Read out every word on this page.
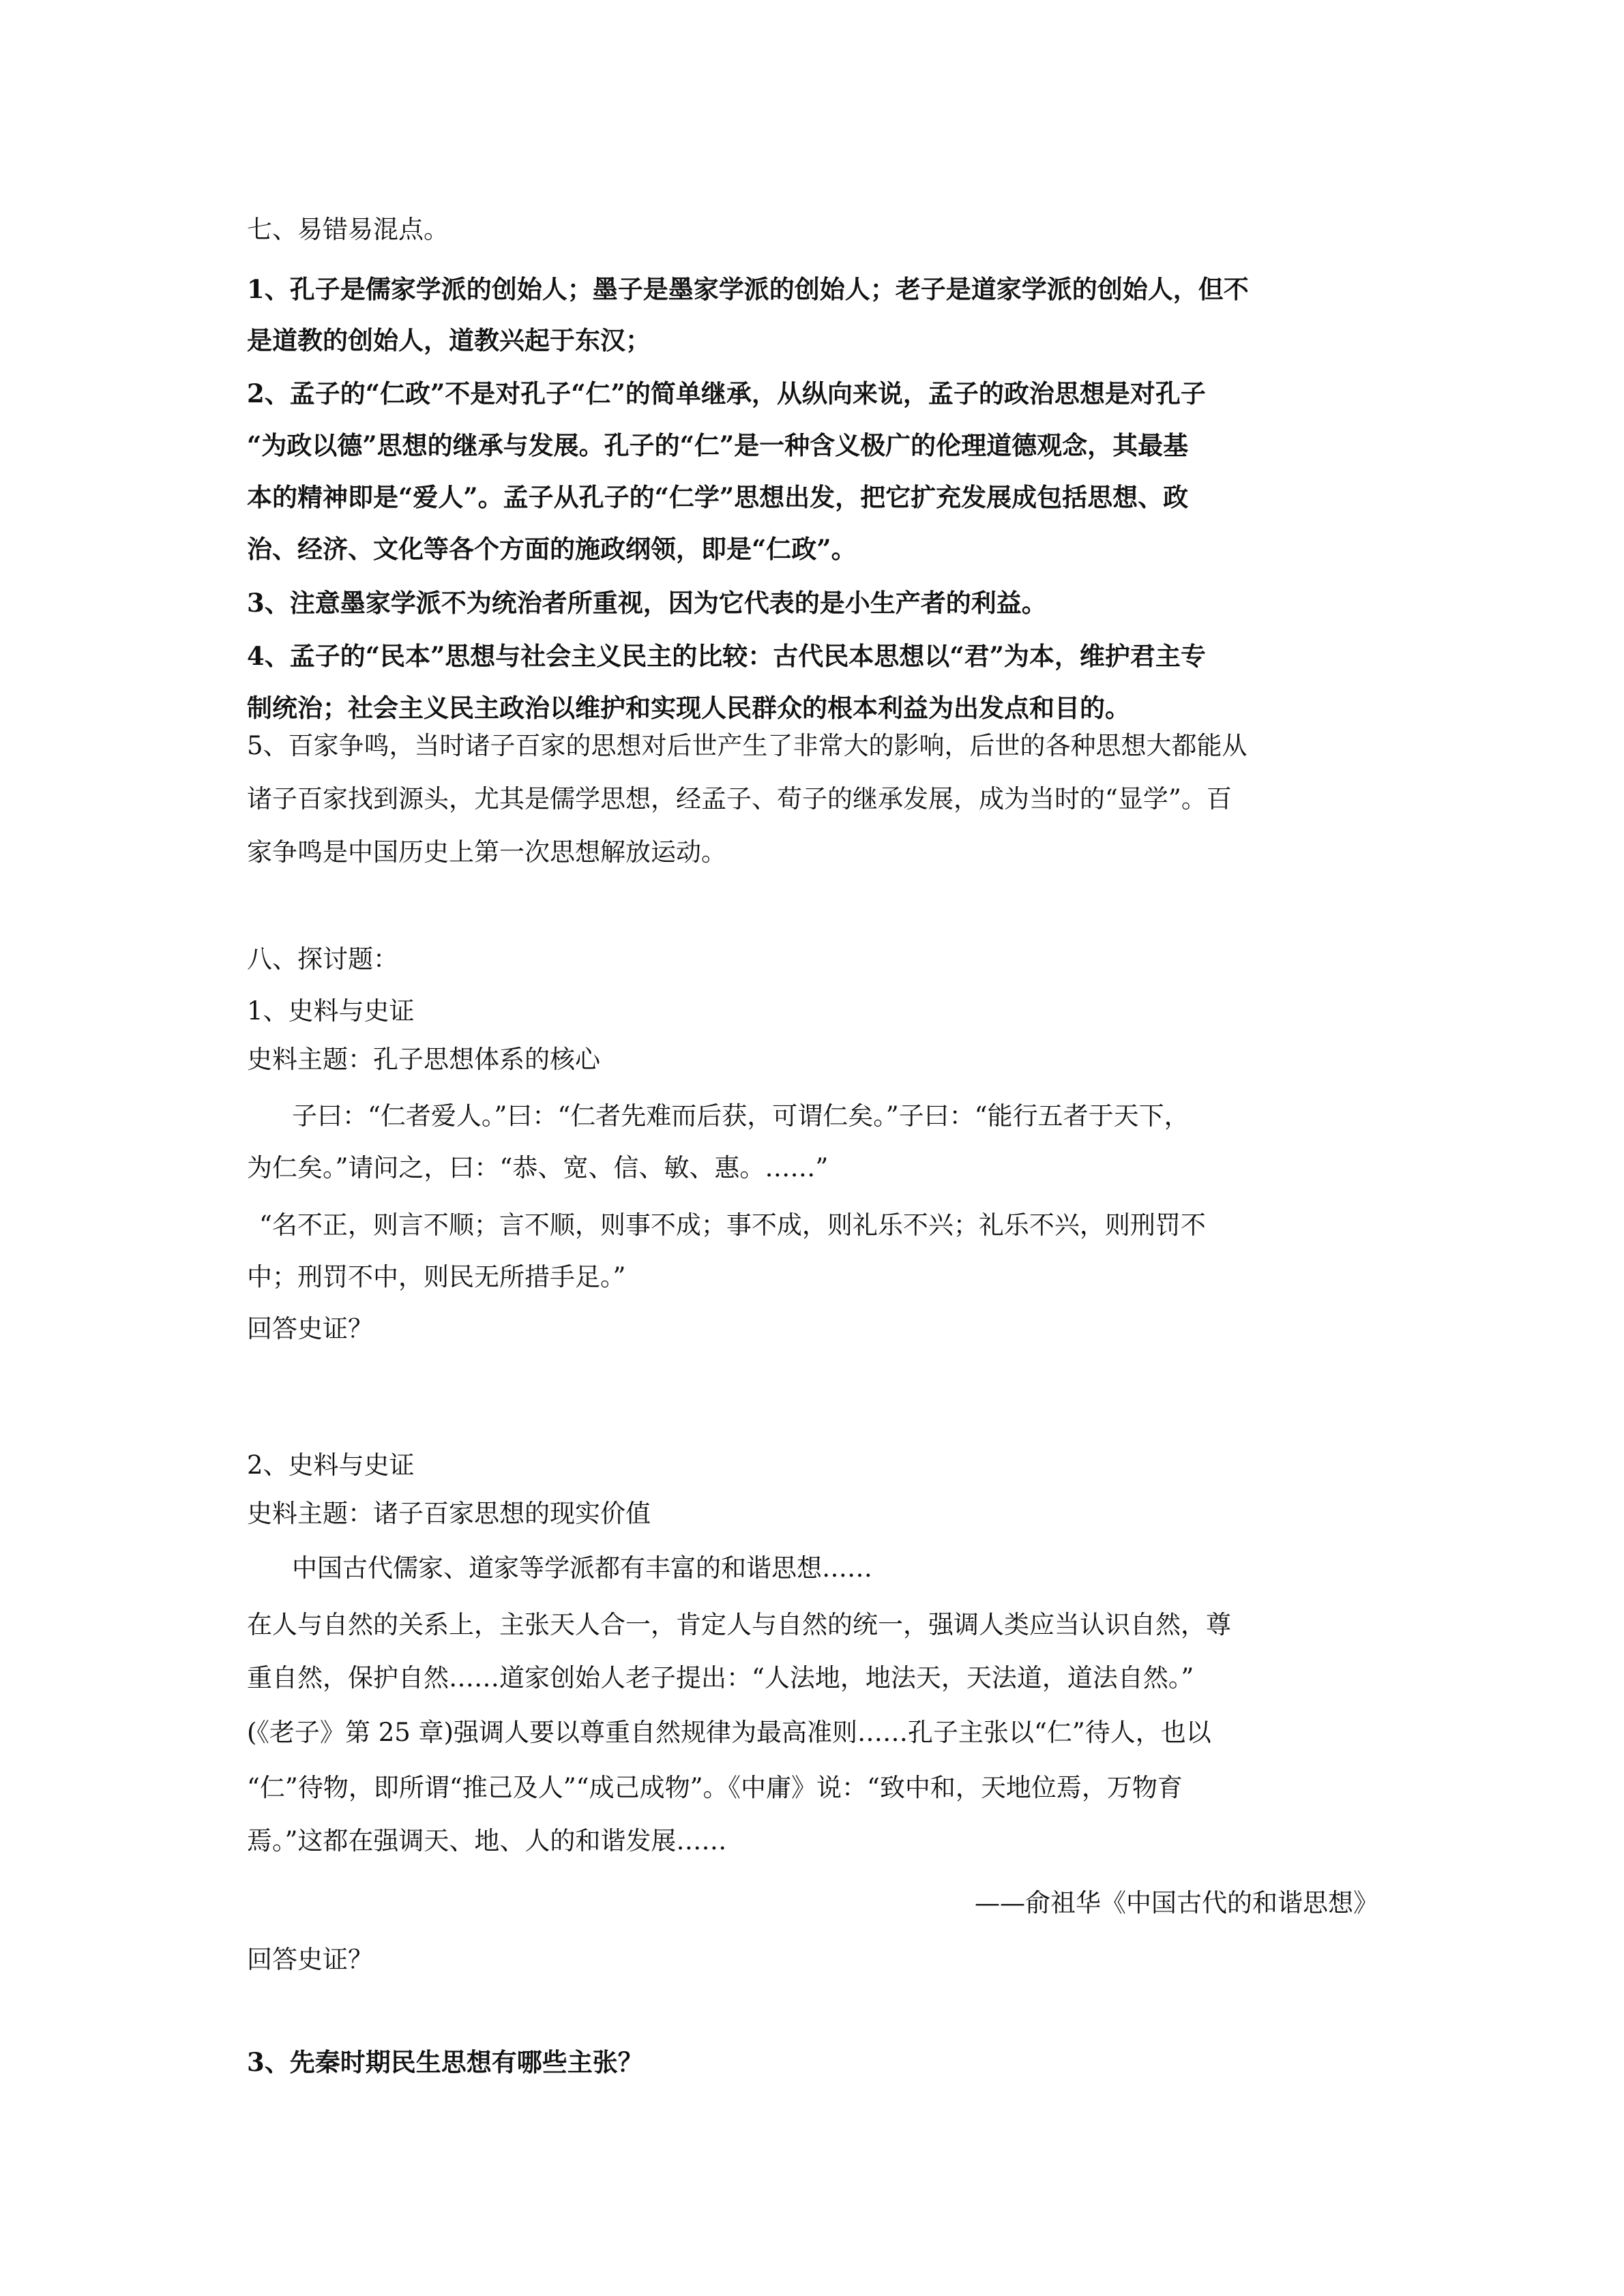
七、易错易混点。
1、孔子是儒家学派的创始人；墨子是墨家学派的创始人；老子是道家学派的创始人，但不
是道教的创始人，道教兴起于东汉；
2、孟子的“仁政”不是对孔子“仁”的简单继承，从纵向来说，孟子的政治思想是对孔子
“为政以德”思想的继承与发展。孔子的“仁”是一种含义极广的伦理道德观念，其最基
本的精神即是“爱人”。孟子从孔子的“仁学”思想出发，把它扩充发展成包括思想、政
治、经济、文化等各个方面的施政纲领，即是“仁政”。
3、注意墨家学派不为统治者所重视，因为它代表的是小生产者的利益。
4、孟子的“民本”思想与社会主义民主的比较：古代民本思想以“君”为本，维护君主专
制统治；社会主义民主政治以维护和实现人民群众的根本利益为出发点和目的。
5、百家争鸣，当时诸子百家的思想对后世产生了非常大的影响，后世的各种思想大都能从
诸子百家找到源头，尤其是儒学思想，经孟子、荀子的继承发展，成为当时的“显学”。百
家争鸣是中国历史上第一次思想解放运动。
八、探讨题：
1、史料与史证
史料主题：孔子思想体系的核心
子曰：“仁者爱人。”曰：“仁者先难而后获，可谓仁矣。”子曰：“能行五者于天下，
为仁矣。”请问之，曰：“恭、宽、信、敏、惠。……”
“名不正，则言不顺；言不顺，则事不成；事不成，则礼乐不兴；礼乐不兴，则刑罚不
中；刑罚不中，则民无所措手足。”
回答史证？
2、史料与史证
史料主题：诸子百家思想的现实价值
中国古代儒家、道家等学派都有丰富的和谐思想……
在人与自然的关系上，主张天人合一，肯定人与自然的统一，强调人类应当认识自然，尊
重自然，保护自然……道家创始人老子提出：“人法地，地法天，天法道，道法自然。”
(《老子》第 25 章)强调人要以尊重自然规律为最高准则……孔子主张以“仁”待人，也以
“仁”待物，即所谓“推己及人”“成己成物”。《中庸》说：“致中和，天地位焉，万物育
焉。”这都在强调天、地、人的和谐发展……
——俞祖华《中国古代的和谐思想》
回答史证？
3、先秦时期民生思想有哪些主张？
